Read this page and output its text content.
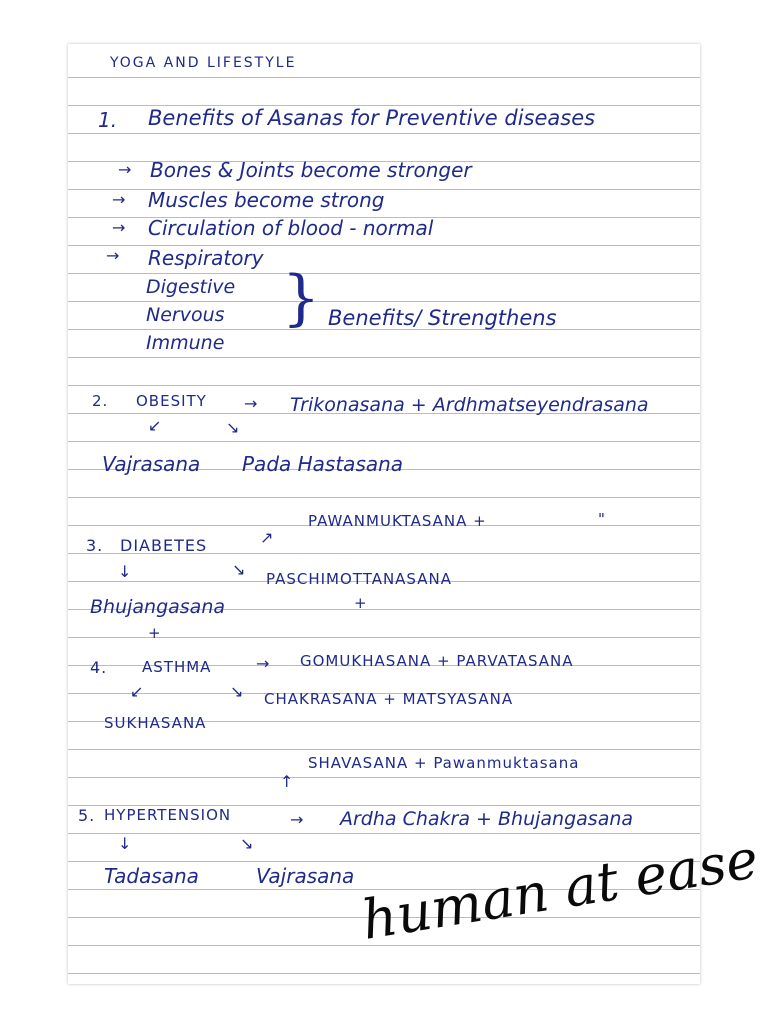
YOGA AND LIFESTYLE
1. Benefits of Asanas for Preventive diseases
→ Bones & Joints become stronger
→ Muscles become strong
→ Circulation of blood - normal
→ Respiratory
Digestive
Nervous
Immune
} Benefits/ Strengthens
2. OBESITY → Trikonasana + Ardhmatseyendrasana
↙	↘
Vajrasana Pada Hastasana
PAWANMUKTASANA +	"
3. DIABETES	↗
↓	↘ PASCHIMOTTANASANA
+
Bhujangasana
+
GOMUKHASANA + PARVATASANA
4. ASTHMA	→
↙	↘ CHAKRASANA + MATSYASANA
SUKHASANA
SHAVASANA + Pawanmuktasana
↑
5. HYPERTENSION	→ Ardha Chakra + Bhujangasana
↓	↘
Tadasana	Vajrasana human at ease
